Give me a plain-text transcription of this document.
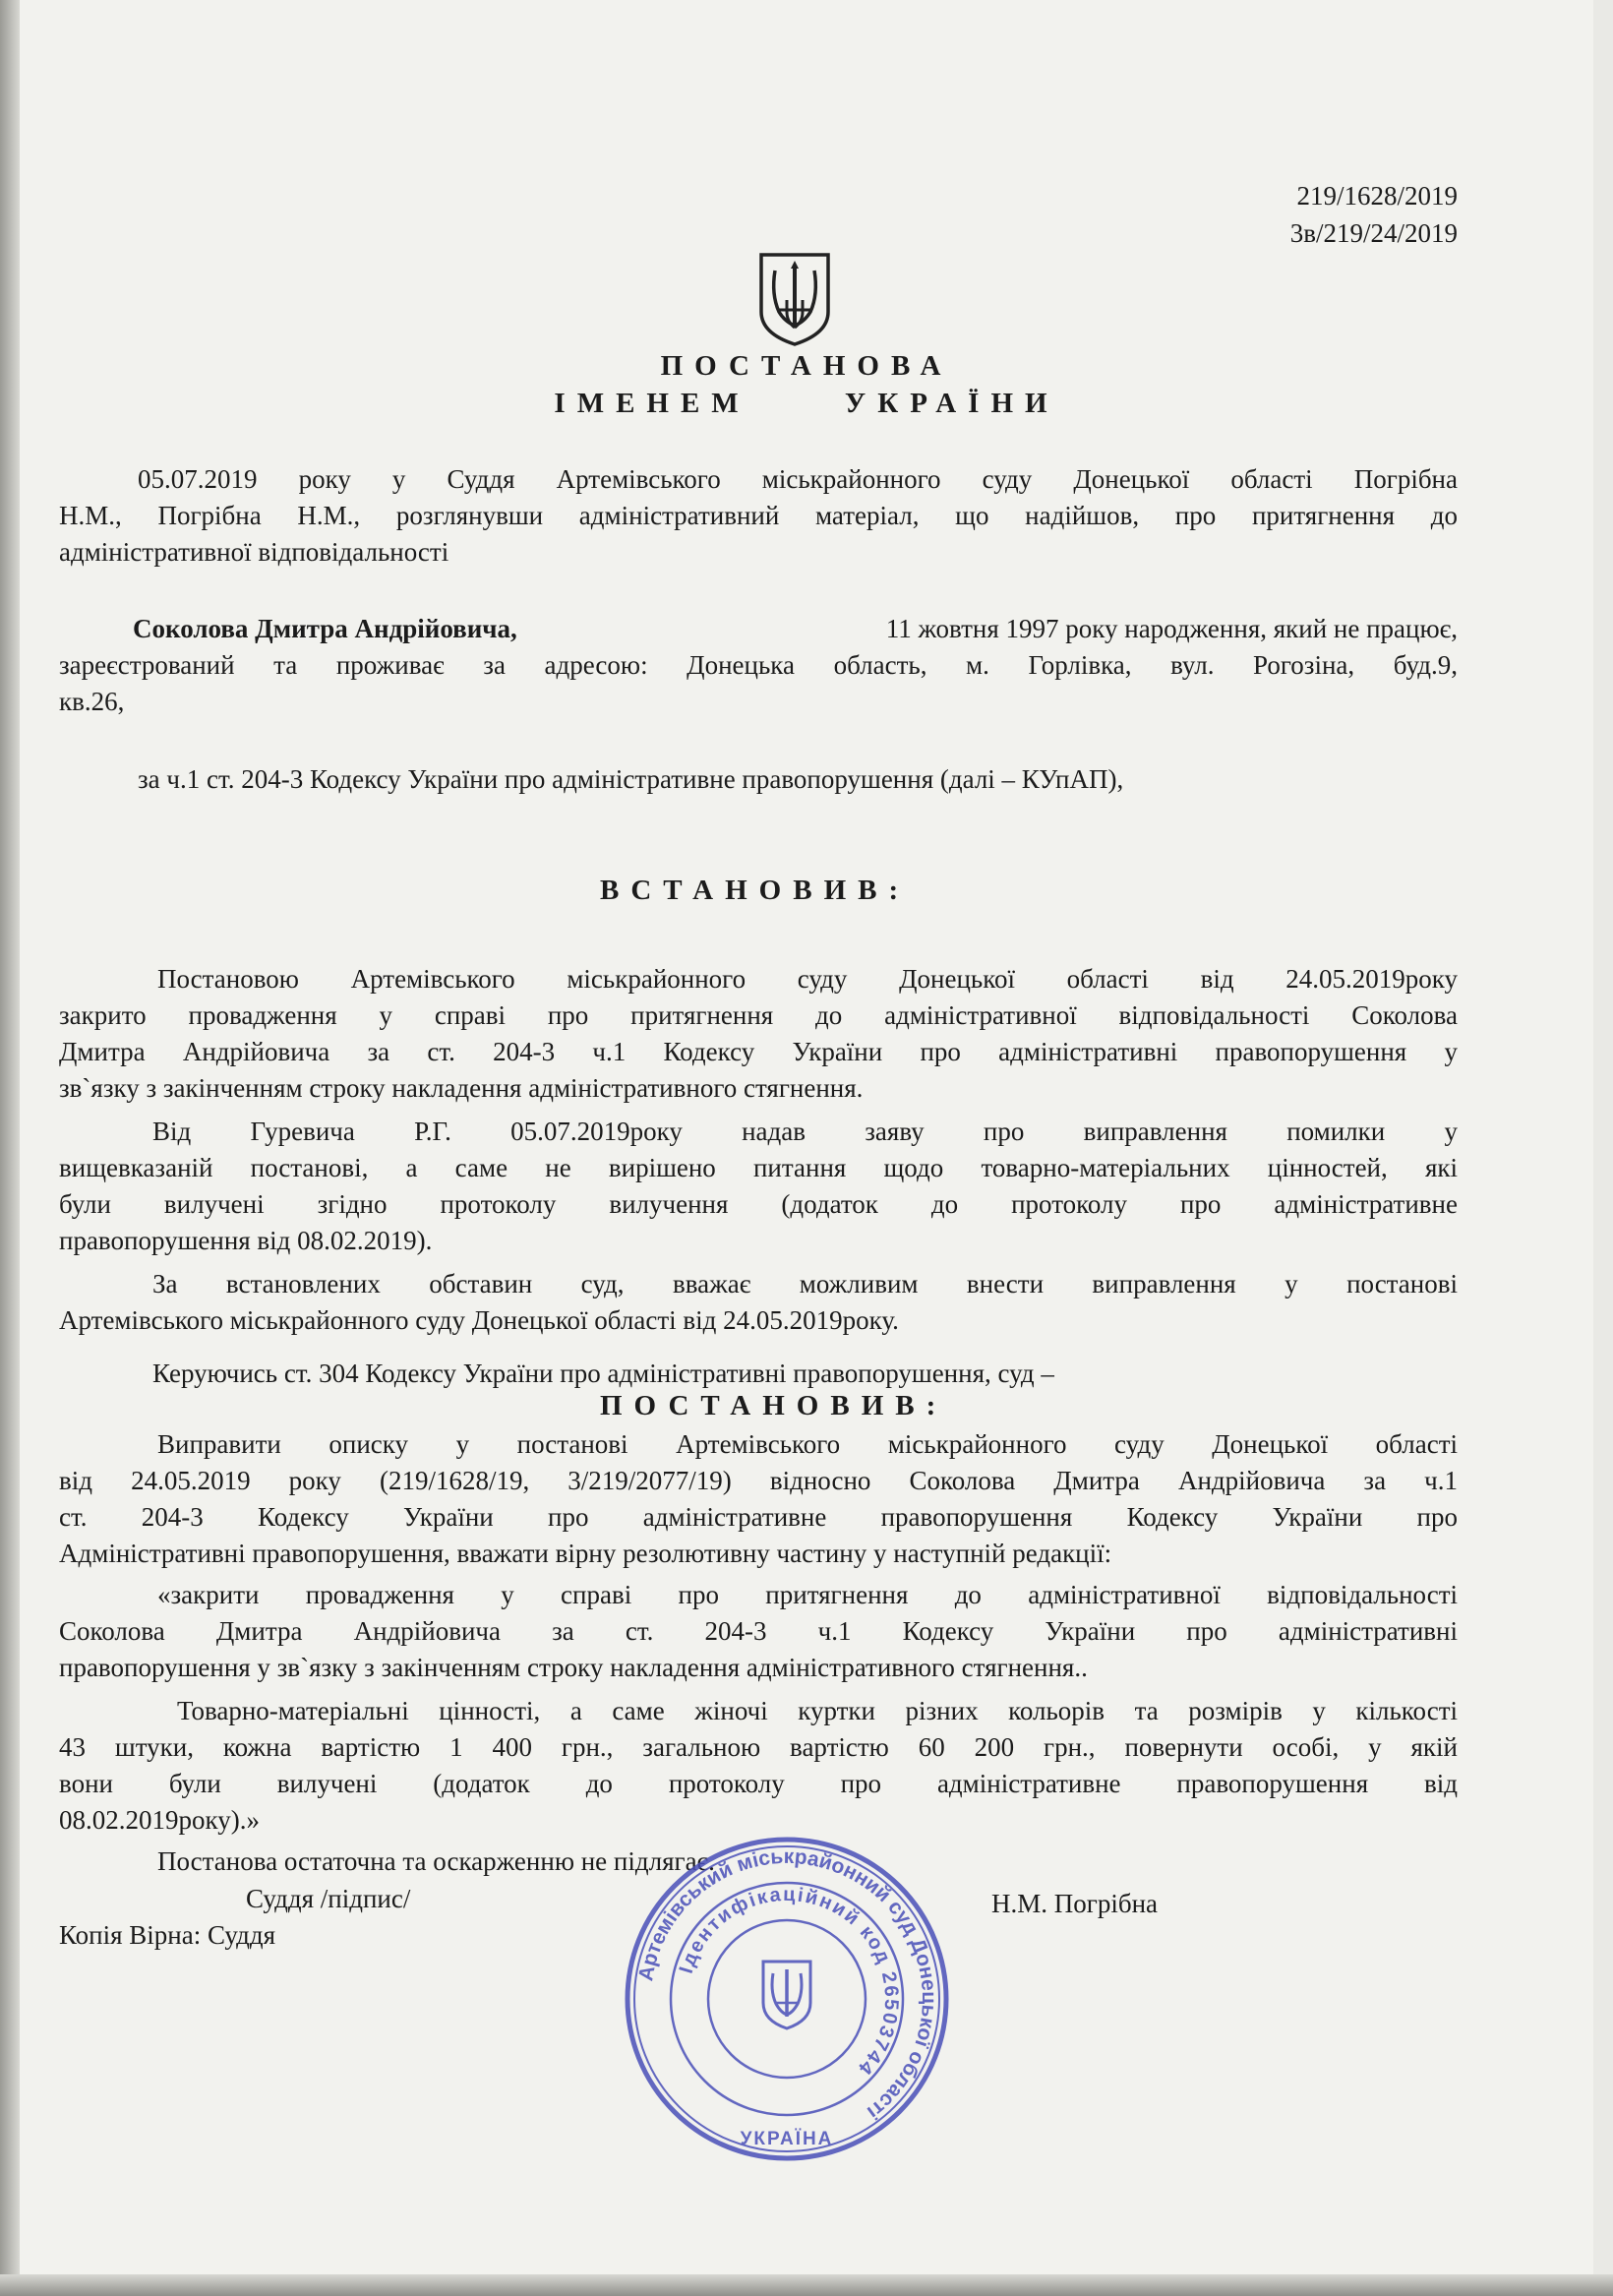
219/1628/2019
3в/219/24/2019
ПОСТАНОВА
ІМЕНЕМ     УКРАЇНИ
05.07.2019 року у Суддя Артемівського міськрайонного суду Донецької області Погрібна
Н.М., Погрібна Н.М., розглянувши адміністративний матеріал, що надійшов, про притягнення до
адміністративної відповідальності
Соколова Дмитра Андрійовича,	11 жовтня 1997 року народження, який не працює,
зареєстрований та проживає за адресою: Донецька область, м. Горлівка, вул. Рогозіна, буд.9,
кв.26,
за ч.1 ст. 204-3 Кодексу України про адміністративне правопорушення (далі – КУпАП),
ВСТАНОВИВ:
Постановою Артемівського міськрайонного суду Донецької області від 24.05.2019року
закрито провадження у справі про притягнення до адміністративної відповідальності Соколова
Дмитра Андрійовича за ст. 204-3 ч.1 Кодексу України про адміністративні правопорушення у
зв`язку з закінченням строку накладення адміністративного стягнення.
Від Гуревича Р.Г. 05.07.2019року надав заяву про виправлення помилки у
вищевказаній постанові, а саме не вирішено питання щодо товарно-матеріальних цінностей, які
були вилучені згідно протоколу вилучення (додаток до протоколу про адміністративне
правопорушення від 08.02.2019).
За встановлених обставин суд, вважає можливим внести виправлення у постанові
Артемівського міськрайонного суду Донецької області від 24.05.2019року.
Керуючись ст. 304 Кодексу України про адміністративні правопорушення, суд –
ПОСТАНОВИВ:
Виправити описку у постанові Артемівського міськрайонного суду Донецької області
від 24.05.2019 року (219/1628/19, 3/219/2077/19) відносно Соколова Дмитра Андрійовича за ч.1
ст. 204-3 Кодексу України про адміністративне правопорушення Кодексу України про
Адміністративні правопорушення, вважати вірну резолютивну частину у наступній редакції:
«закрити провадження у справі про притягнення до адміністративної відповідальності
Соколова Дмитра Андрійовича за ст. 204-3 ч.1 Кодексу України про адміністративні
правопорушення у зв`язку з закінченням строку накладення адміністративного стягнення..
Товарно-матеріальні цінності, а саме жіночі куртки різних кольорів та розмірів у кількості
43 штуки, кожна вартістю 1 400 грн., загальною вартістю 60 200 грн., повернути особі, у якій
вони були вилучені (додаток до протоколу про адміністративне правопорушення від
08.02.2019року).»
Постанова остаточна та оскарженню не підлягає.
Суддя /підпис/	Н.М. Погрібна
Копія Вірна: Суддя
Артемівський міськрайонний суд Донецької області
Ідентифікаційний код 26503744
УКРАЇНА
